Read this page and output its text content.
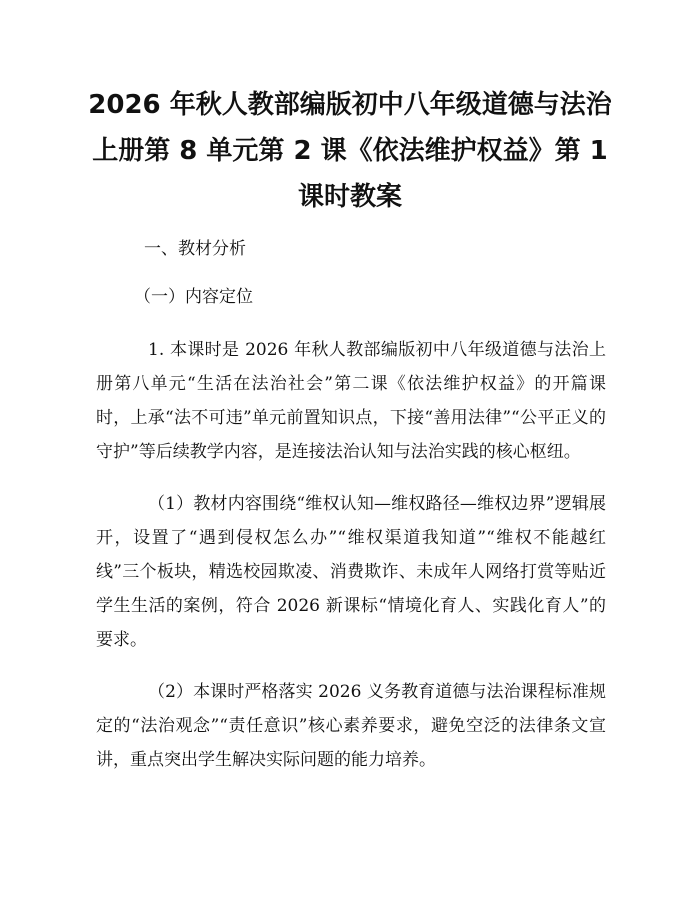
2026 年秋人教部编版初中八年级道德与法治
上册第 8 单元第 2 课《依法维护权益》第 1
课时教案

一、教材分析

（一）内容定位

1. 本课时是 2026 年秋人教部编版初中八年级道德与法治上册第八单元“生活在法治社会”第二课《依法维护权益》的开篇课时，上承“法不可违”单元前置知识点，下接“善用法律”“公平正义的守护”等后续教学内容，是连接法治认知与法治实践的核心枢纽。

（1）教材内容围绕“维权认知—维权路径—维权边界”逻辑展开，设置了“遇到侵权怎么办”“维权渠道我知道”“维权不能越红线”三个板块，精选校园欺凌、消费欺诈、未成年人网络打赏等贴近学生生活的案例，符合 2026 新课标“情境化育人、实践化育人”的要求。

（2）本课时严格落实 2026 义务教育道德与法治课程标准规定的“法治观念”“责任意识”核心素养要求，避免空泛的法律条文宣讲，重点突出学生解决实际问题的能力培养。
